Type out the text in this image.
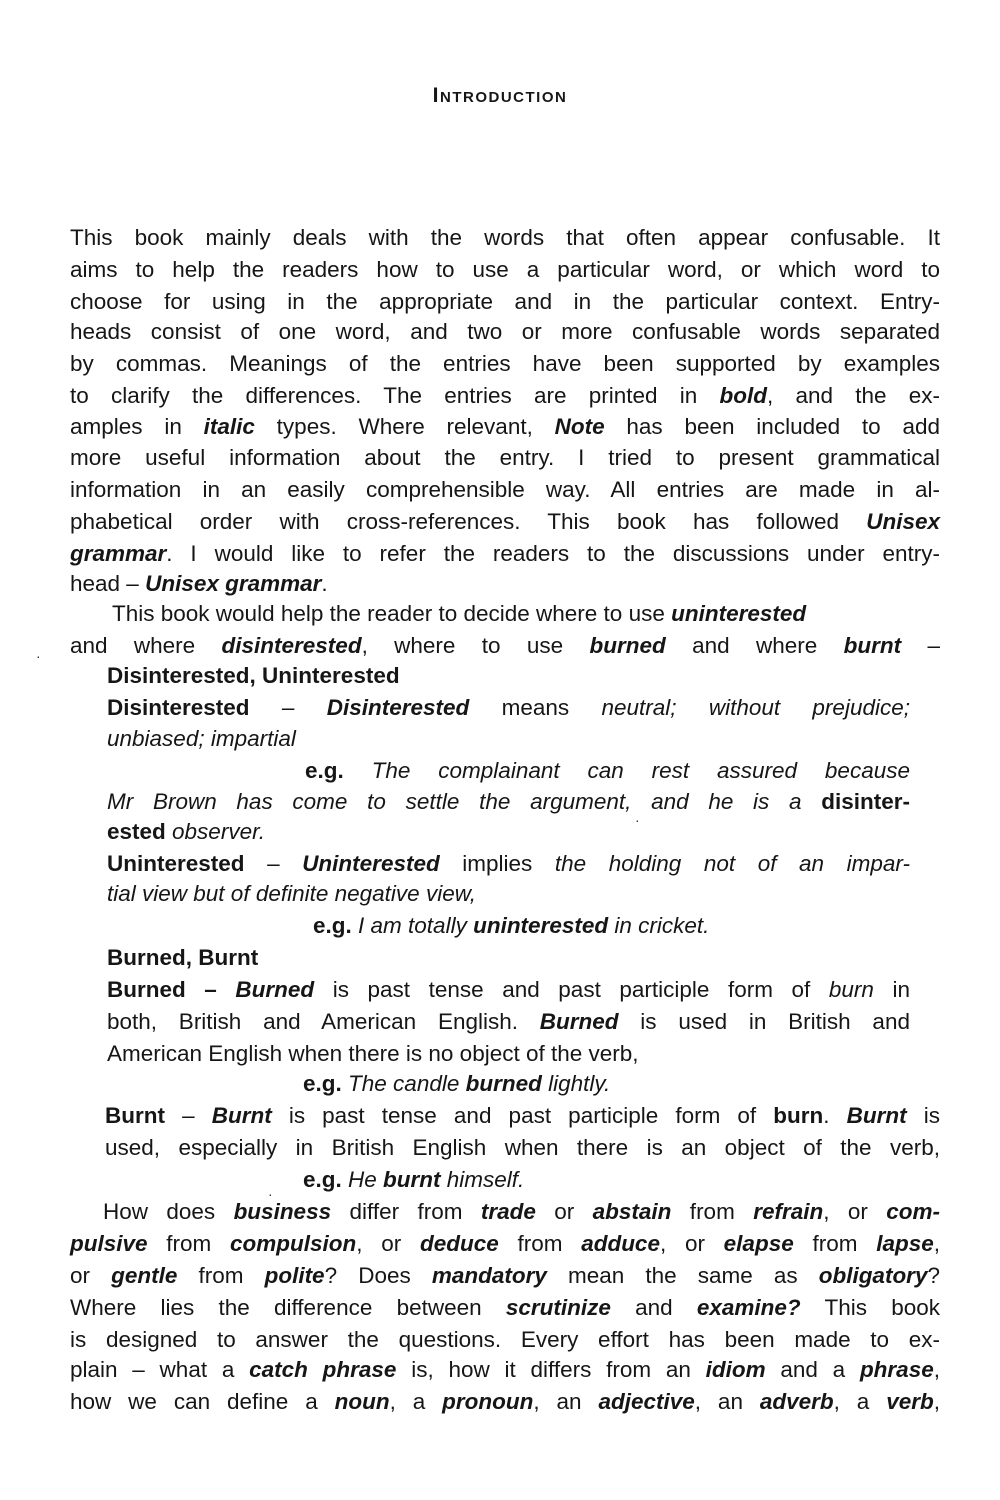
Introduction
This book mainly deals with the words that often appear confusable. It
aims to help the readers how to use a particular word, or which word to
choose for using in the appropriate and in the particular context. Entry-
heads consist of one word, and two or more confusable words separated
by commas. Meanings of the entries have been supported by examples
to clarify the differences. The entries are printed in bold, and the ex-
amples in italic types. Where relevant, Note has been included to add
more useful information about the entry. I tried to present grammatical
information in an easily comprehensible way. All entries are made in al-
phabetical order with cross-references. This book has followed Unisex
grammar. I would like to refer the readers to the discussions under entry-
head – Unisex grammar.
This book would help the reader to decide where to use uninterested
and where disinterested, where to use burned and where burnt –
Disinterested, Uninterested
Disinterested – Disinterested means neutral; without prejudice;
unbiased; impartial
e.g. The complainant can rest assured because
Mr Brown has come to settle the argument, and he is a disinter-
ested observer.
Uninterested – Uninterested implies the holding not of an impar-
tial view but of definite negative view,
e.g. I am totally uninterested in cricket.
Burned, Burnt
Burned – Burned is past tense and past participle form of burn in
both, British and American English. Burned is used in British and
American English when there is no object of the verb,
e.g. The candle burned lightly.
Burnt – Burnt is past tense and past participle form of burn. Burnt is
used, especially in British English when there is an object of the verb,
e.g. He burnt himself.
How does business differ from trade or abstain from refrain, or com-
pulsive from compulsion, or deduce from adduce, or elapse from lapse,
or gentle from polite? Does mandatory mean the same as obligatory?
Where lies the difference between scrutinize and examine? This book
is designed to answer the questions. Every effort has been made to ex-
plain – what a catch phrase is, how it differs from an idiom and a phrase,
how we can define a noun, a pronoun, an adjective, an adverb, a verb,
·
·
·
